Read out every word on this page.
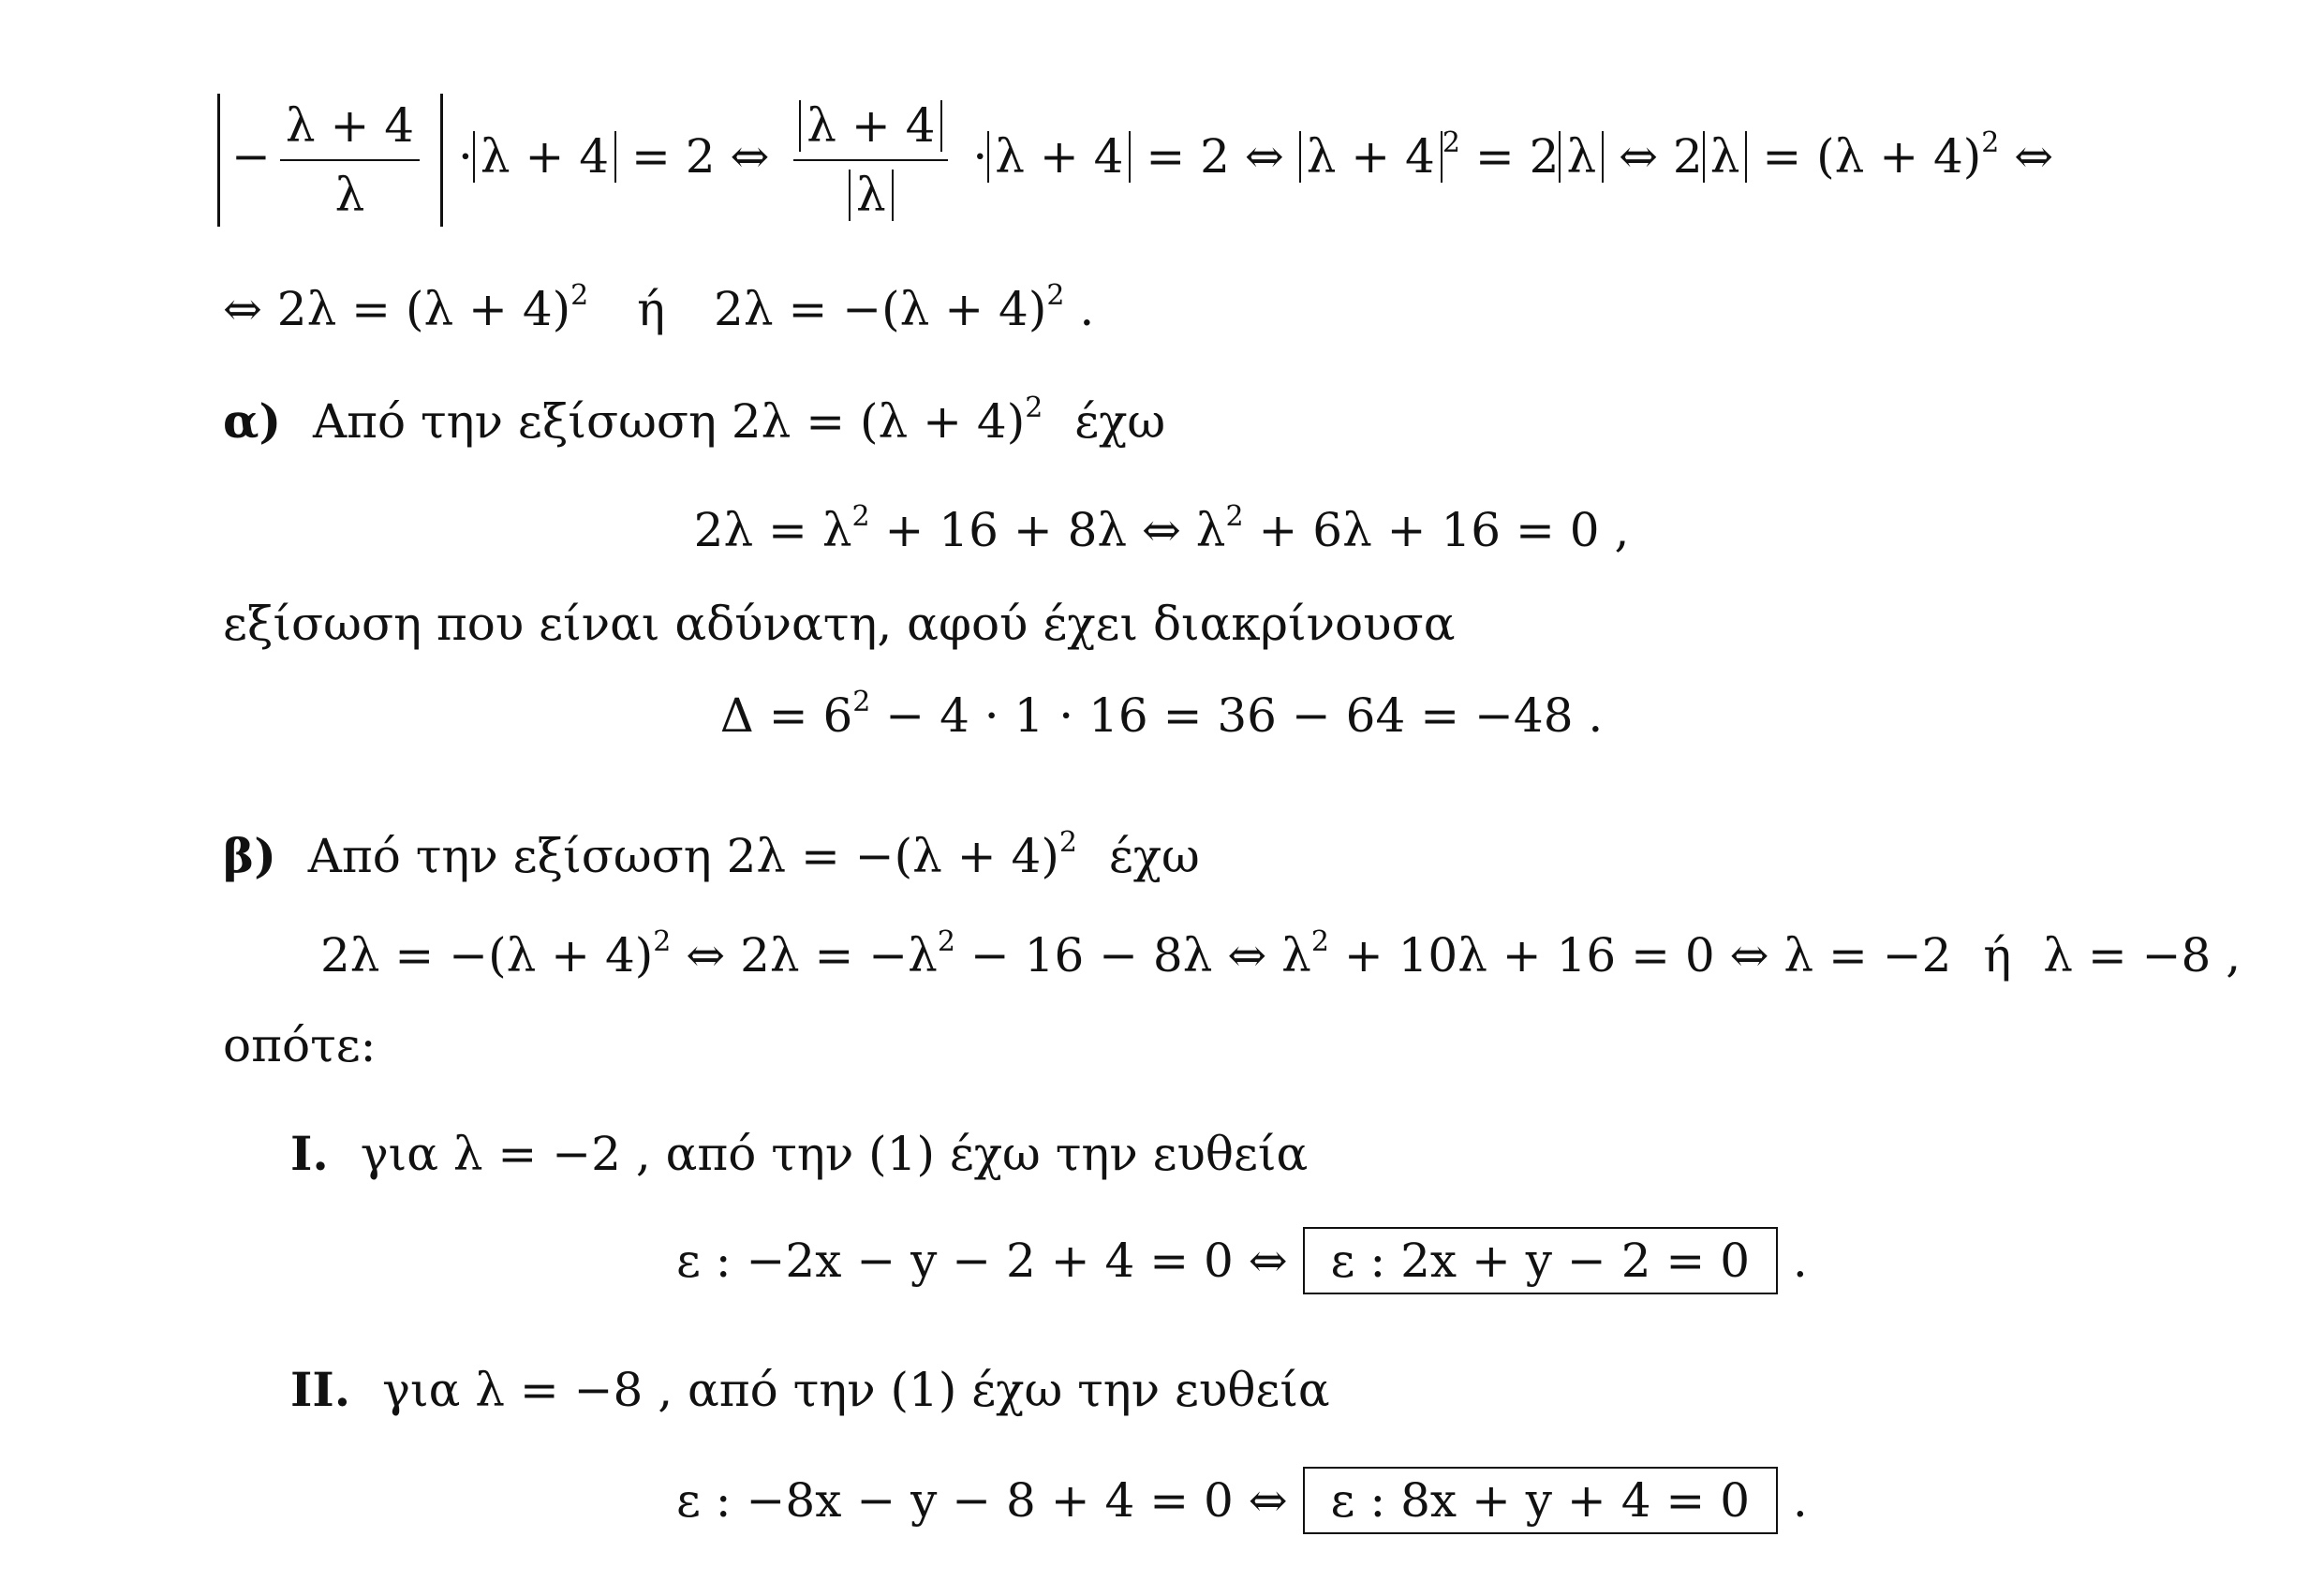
− $\frac{\lambda + 4}{\lambda} \cdot \lambda + 4 = 2$ ⇔ $\frac{\lambda + 4}{\lambda} \cdot \lambda + 4 = 2$ ⇔ λ + 4 $^2$ = 2 λ ⇔ 2 $\lambda = (\lambda + 4)^2$ ⇔
⇔ $2\lambda = (\lambda + 4)^2$ ή $2\lambda = -(\lambda + 4)^2$ .
α) Από την εξίσωση $2\lambda = (\lambda + 4)^2$ έχω
$2\lambda = \lambda^2 + 16 + 8\lambda$ ⇔ $\lambda^2 + 6\lambda + 16 = 0$ ,
εξίσωση που είναι αδύνατη, αφού έχει διακρίνουσα
$\Delta = 6^2 - 4 \cdot 1 \cdot 16 = 36 - 64 = -48$ .
β) Από την εξίσωση $2\lambda = -(\lambda + 4)^2$ έχω
$2\lambda = -(\lambda + 4)^2$ ⇔ $2\lambda = -\lambda^2 - 16 - 8\lambda$ ⇔ $\lambda^2 + 10\lambda + 16 = 0$ ⇔ λ = −2 ή λ = −8 ,
οπότε:
I. για λ = −2 , από την (1) έχω την ευθεία
ε : −2x − y − 2 + 4 = 0 ⇔ ε : 2x + y − 2 = 0 .
II. για λ = −8 , από την (1) έχω την ευθεία
ε : −8x − y − 8 + 4 = 0 ⇔ ε : 8x + y + 4 = 0 .
